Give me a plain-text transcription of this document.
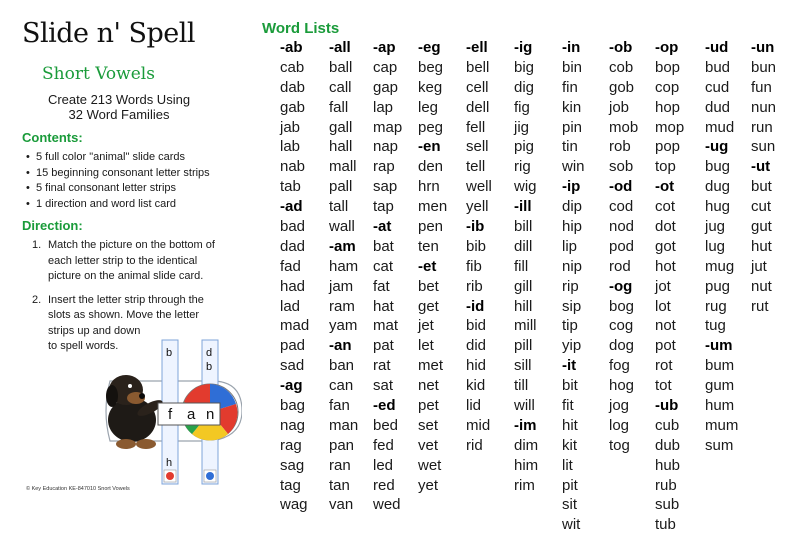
Slide n' Spell
Short Vowels
Create 213 Words Using
32 Word Families
Contents:
• 5 full color "animal" slide cards
• 15 beginning consonant letter strips
• 5 final consonant letter strips
• 1 direction and word list card
Direction:
1. Match the picture on the bottom of
each letter strip to the identical
picture on the animal slide card.
2. Insert the letter strip through the
slots as shown. Move the letter
strips up and down
to spell words.
b	d
b
f a n
h
© Key Education KE-847010 Snort Vowels
Word Lists
-ab
cab
dab
gab
jab
lab
nab
tab
-ad
bad
dad
fad
had
lad
mad
pad
sad
-ag
bag
nag
rag
sag
tag
wag
-all
ball
call
fall
gall
hall
mall
pall
tall
wall
-am
ham
jam
ram
yam
-an
ban
can
fan
man
pan
ran
tan
van
-ap
cap
gap
lap
map
nap
rap
sap
tap
-at
bat
cat
fat
hat
mat
pat
rat
sat
-ed
bed
fed
led
red
wed
-eg
beg
keg
leg
peg
-en
den
hrn
men
pen
ten
-et
bet
get
jet
let
met
net
pet
set
vet
wet
yet
-ell
bell
cell
dell
fell
sell
tell
well
yell
-ib
bib
fib
rib
-id
bid
did
hid
kid
lid
mid
rid
-ig
big
dig
fig
jig
pig
rig
wig
-ill
bill
dill
fill
gill
hill
mill
pill
sill
till
will
-im
dim
him
rim
-in
bin
fin
kin
pin
tin
win
-ip
dip
hip
lip
nip
rip
sip
tip
yip
-it
bit
fit
hit
kit
lit
pit
sit
wit
-ob
cob
gob
job
mob
rob
sob
-od
cod
nod
pod
rod
-og
bog
cog
dog
fog
hog
jog
log
tog
-op
bop
cop
hop
mop
pop
top
-ot
cot
dot
got
hot
jot
lot
not
pot
rot
tot
-ub
cub
dub
hub
rub
sub
tub
-ud
bud
cud
dud
mud
-ug
bug
dug
hug
jug
lug
mug
pug
rug
tug
-um
bum
gum
hum
mum
sum
-un
bun
fun
nun
run
sun
-ut
but
cut
gut
hut
jut
nut
rut
